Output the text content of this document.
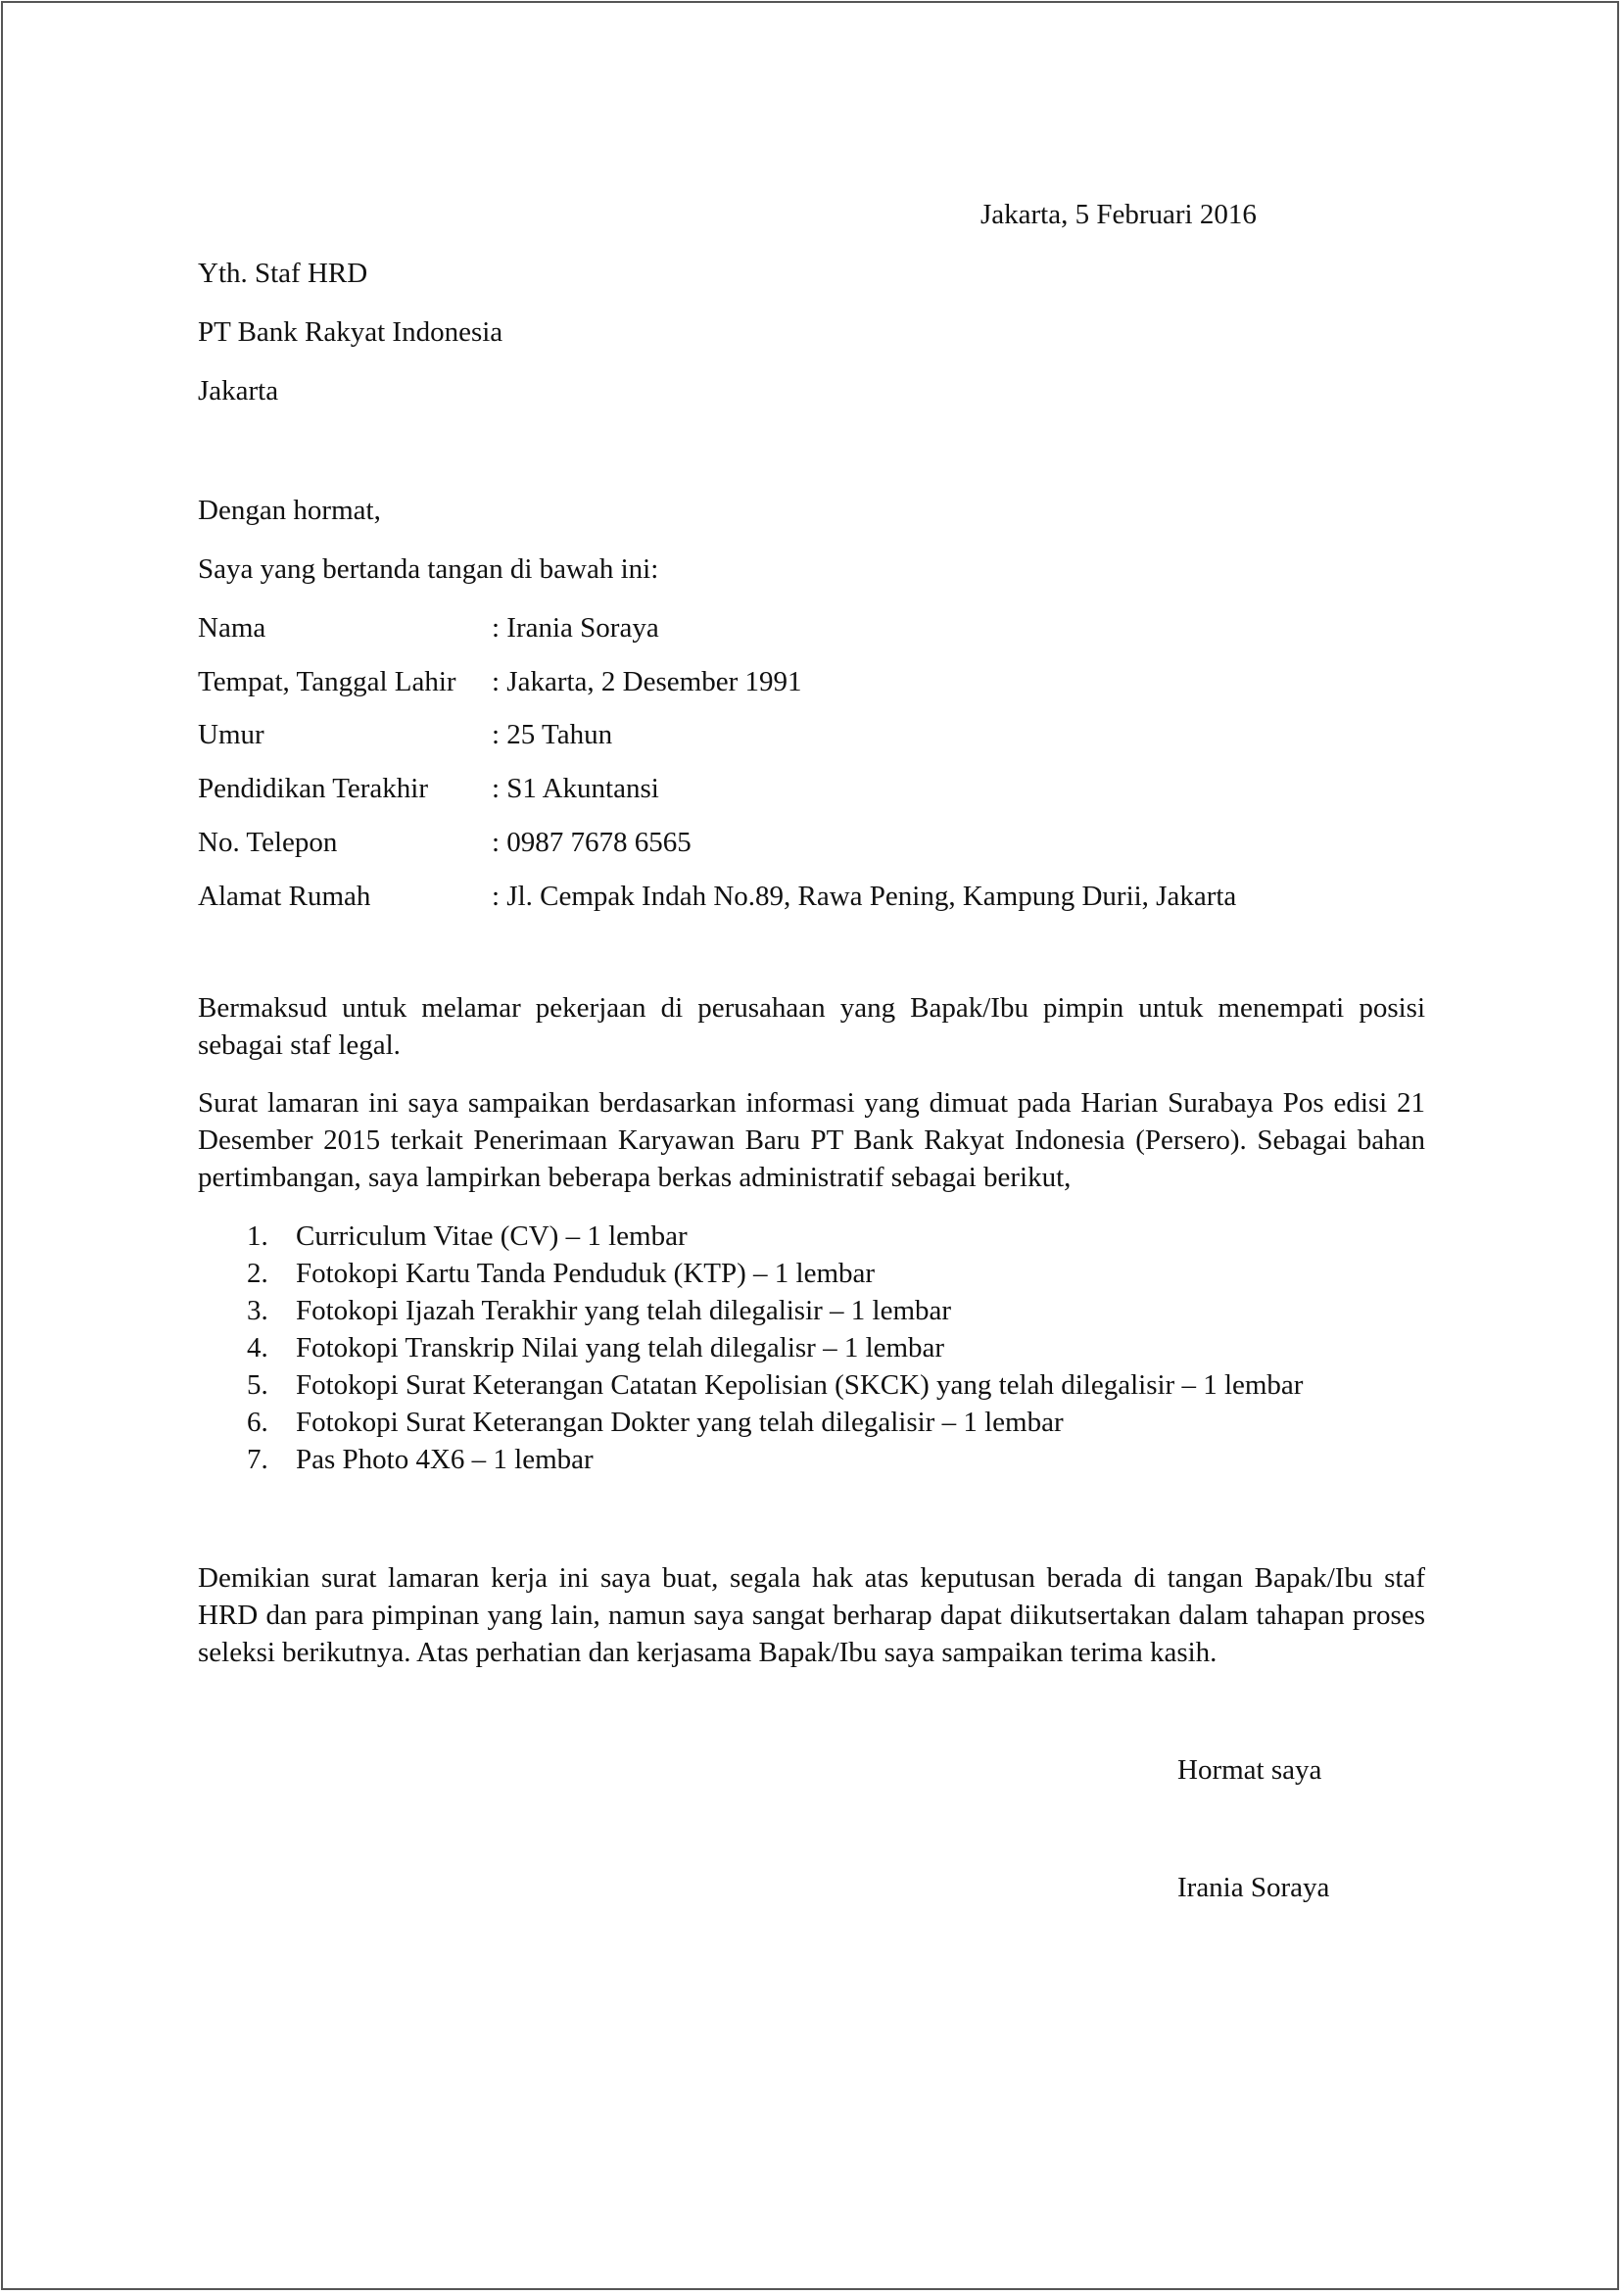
Jakarta, 5 Februari 2016
Yth. Staf HRD
PT Bank Rakyat Indonesia
Jakarta
Dengan hormat,
Saya yang bertanda tangan di bawah ini:
Nama	: Irania Soraya
Tempat, Tanggal Lahir : Jakarta, 2 Desember 1991
Umur	: 25 Tahun
Pendidikan Terakhir : S1 Akuntansi
No. Telepon	: 0987 7678 6565
Alamat Rumah	: Jl. Cempak Indah No.89, Rawa Pening, Kampung Durii, Jakarta
Bermaksud untuk melamar pekerjaan di perusahaan yang Bapak/Ibu pimpin untuk menempati posisi sebagai staf legal.
Surat lamaran ini saya sampaikan berdasarkan informasi yang dimuat pada Harian Surabaya Pos edisi 21 Desember 2015 terkait Penerimaan Karyawan Baru PT Bank Rakyat Indonesia (Persero). Sebagai bahan pertimbangan, saya lampirkan beberapa berkas administratif sebagai berikut,
1. Curriculum Vitae (CV) – 1 lembar
2. Fotokopi Kartu Tanda Penduduk (KTP) – 1 lembar
3. Fotokopi Ijazah Terakhir yang telah dilegalisir – 1 lembar
4. Fotokopi Transkrip Nilai yang telah dilegalisr – 1 lembar
5. Fotokopi Surat Keterangan Catatan Kepolisian (SKCK) yang telah dilegalisir – 1 lembar
6. Fotokopi Surat Keterangan Dokter yang telah dilegalisir – 1 lembar
7. Pas Photo 4X6 – 1 lembar
Demikian surat lamaran kerja ini saya buat, segala hak atas keputusan berada di tangan Bapak/Ibu staf HRD dan para pimpinan yang lain, namun saya sangat berharap dapat diikutsertakan dalam tahapan proses seleksi berikutnya. Atas perhatian dan kerjasama Bapak/Ibu saya sampaikan terima kasih.
Hormat saya
Irania Soraya
